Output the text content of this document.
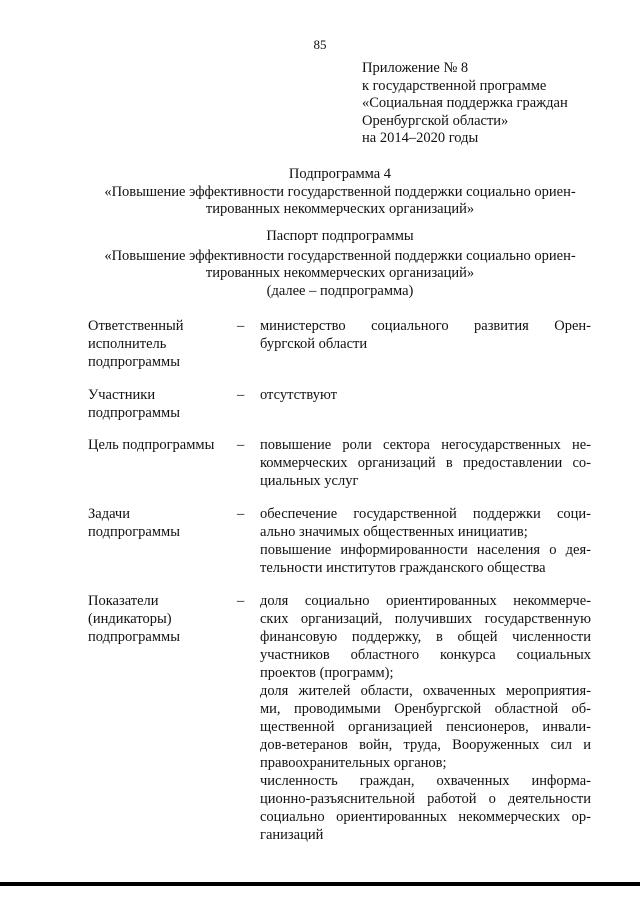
85
Приложение № 8
к государственной программе
«Социальная поддержка граждан
Оренбургской области»
на 2014–2020 годы
Подпрограмма 4
«Повышение эффективности государственной поддержки социально ориен-
тированных некоммерческих организаций»
Паспорт подпрограммы
«Повышение эффективности государственной поддержки социально ориен-
тированных некоммерческих организаций»
(далее – подпрограмма)
Ответственный
исполнитель
подпрограммы
– министерство социального развития Орен-
бургской области
Участники
подпрограммы
– отсутствуют
Цель подпрограммы	– повышение роли сектора негосударственных не-
коммерческих организаций в предоставлении со-
циальных услуг
Задачи
подпрограммы
– обеспечение государственной поддержки соци-
ально значимых общественных инициатив;
повышение информированности населения о дея-
тельности институтов гражданского общества
Показатели
(индикаторы)
подпрограммы
– доля социально ориентированных некоммерче-
ских организаций, получивших государственную
финансовую поддержку, в общей численности
участников областного конкурса социальных
проектов (программ);
доля жителей области, охваченных мероприятия-
ми, проводимыми Оренбургской областной об-
щественной организацией пенсионеров, инвали-
дов-ветеранов войн, труда, Вооруженных сил и
правоохранительных органов;
численность граждан, охваченных информа-
ционно-разъяснительной работой о деятельности
социально ориентированных некоммерческих ор-
ганизаций
